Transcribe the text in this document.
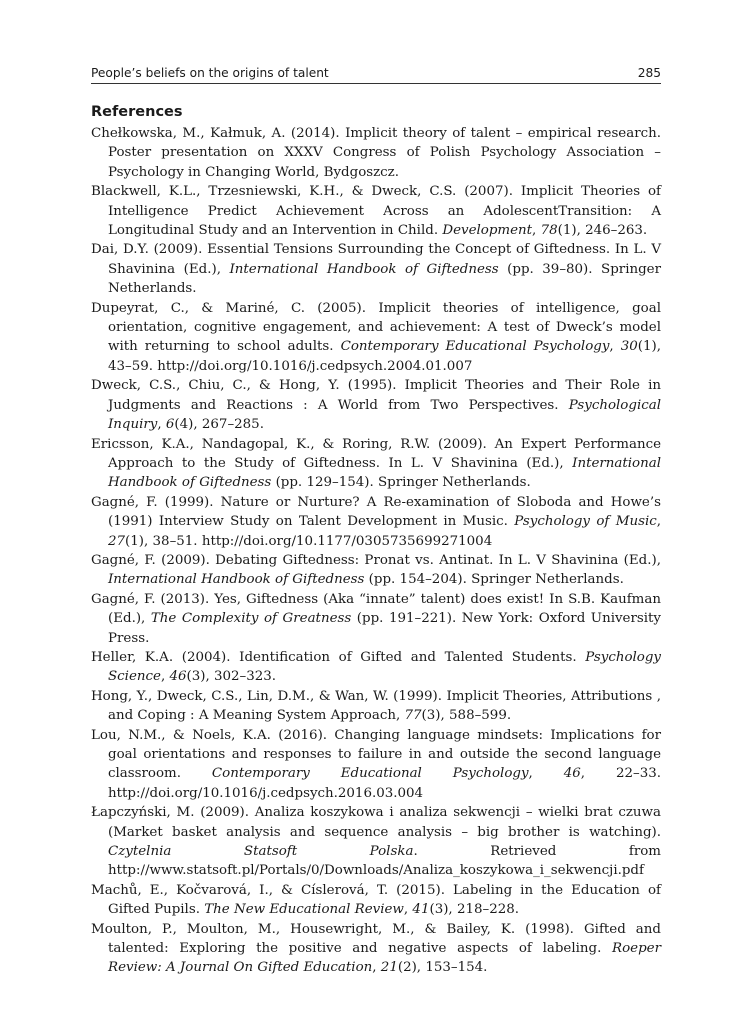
People’s beliefs on the origins of talent	285
References

Chełkowska, M., Kałmuk, A. (2014). Implicit theory of talent – empirical research. Poster presentation on XXXV Congress of Polish Psychology Association – Psychology in Changing World, Bydgoszcz.

Blackwell, K.L., Trzesniewski, K.H., & Dweck, C.S. (2007). Implicit Theories of Intelligence Predict Achievement Across an AdolescentTransition: A Longitudinal Study and an Intervention in Child. Development, 78(1), 246–263.

Dai, D.Y. (2009). Essential Tensions Surrounding the Concept of Giftedness. In L. V Shavinina (Ed.), International Handbook of Giftedness (pp. 39–80). Springer Netherlands.

Dupeyrat, C., & Mariné, C. (2005). Implicit theories of intelligence, goal orientation, cognitive engagement, and achievement: A test of Dweck’s model with returning to school adults. Contemporary Educational Psychology, 30(1), 43–59. http://doi.org/10.1016/j.cedpsych.2004.01.007

Dweck, C.S., Chiu, C., & Hong, Y. (1995). Implicit Theories and Their Role in Judgments and Reactions : A World from Two Perspectives. Psychological Inquiry, 6(4), 267–285.

Ericsson, K.A., Nandagopal, K., & Roring, R.W. (2009). An Expert Performance Approach to the Study of Giftedness. In L. V Shavinina (Ed.), International Handbook of Giftedness (pp. 129–154). Springer Netherlands.

Gagné, F. (1999). Nature or Nurture? A Re-examination of Sloboda and Howe’s (1991) Interview Study on Talent Development in Music. Psychology of Music, 27(1), 38–51. http://doi.org/10.1177/0305735699271004

Gagné, F. (2009). Debating Giftedness: Pronat vs. Antinat. In L. V Shavinina (Ed.), International Handbook of Giftedness (pp. 154–204). Springer Netherlands.

Gagné, F. (2013). Yes, Giftedness (Aka “innate” talent) does exist! In S.B. Kaufman (Ed.), The Complexity of Greatness (pp. 191–221). New York: Oxford University Press.

Heller, K.A. (2004). Identification of Gifted and Talented Students. Psychology Science, 46(3), 302–323.

Hong, Y., Dweck, C.S., Lin, D.M., & Wan, W. (1999). Implicit Theories, Attributions , and Coping : A Meaning System Approach, 77(3), 588–599.

Lou, N.M., & Noels, K.A. (2016). Changing language mindsets: Implications for goal orientations and responses to failure in and outside the second language classroom. Contemporary Educational Psychology, 46, 22–33. http://doi.org/10.1016/j.cedpsych.2016.03.004

Łapczyński, M. (2009). Analiza koszykowa i analiza sekwencji – wielki brat czuwa (Market basket analysis and sequence analysis – big brother is watching). Czytelnia Statsoft Polska. Retrieved from http://www.statsoft.pl/Portals/0/Downloads/Analiza_koszykowa_i_sekwencji.pdf

Machů, E., Kočvarová, I., & Císlerová, T. (2015). Labeling in the Education of Gifted Pupils. The New Educational Review, 41(3), 218–228.

Moulton, P., Moulton, M., Housewright, M., & Bailey, K. (1998). Gifted and talented: Exploring the positive and negative aspects of labeling. Roeper Review: A Journal On Gifted Education, 21(2), 153–154.
